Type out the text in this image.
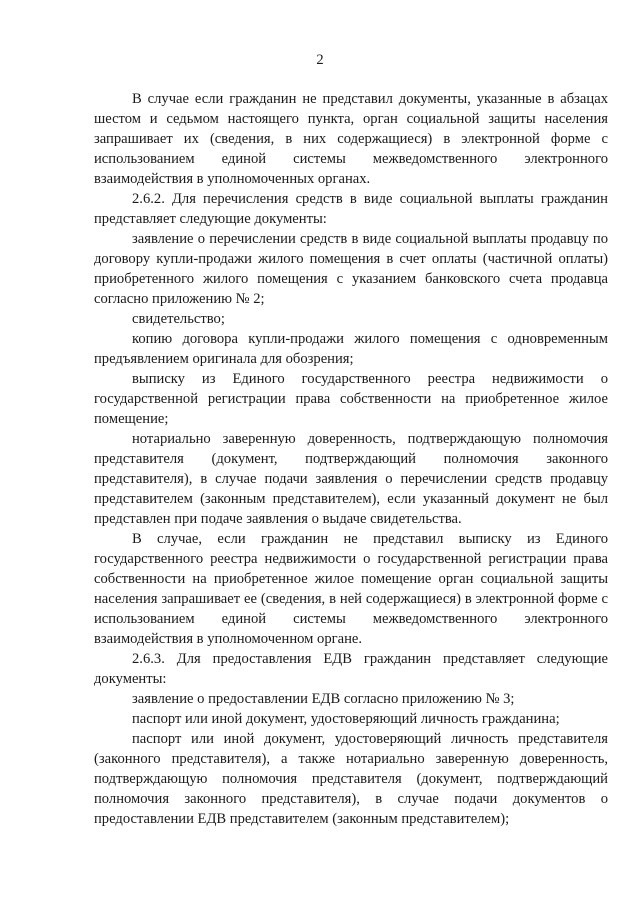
2

В случае если гражданин не представил документы, указанные в абзацах шестом и седьмом настоящего пункта, орган социальной защиты населения запрашивает их (сведения, в них содержащиеся) в электронной форме с использованием единой системы межведомственного электронного взаимодействия в уполномоченных органах.

2.6.2. Для перечисления средств в виде социальной выплаты гражданин представляет следующие документы:

заявление о перечислении средств в виде социальной выплаты продавцу по договору купли-продажи жилого помещения в счет оплаты (частичной оплаты) приобретенного жилого помещения с указанием банковского счета продавца согласно приложению № 2;

свидетельство;

копию договора купли-продажи жилого помещения с одновременным предъявлением оригинала для обозрения;

выписку из Единого государственного реестра недвижимости о государственной регистрации права собственности на приобретенное жилое помещение;

нотариально заверенную доверенность, подтверждающую полномочия представителя (документ, подтверждающий полномочия законного представителя), в случае подачи заявления о перечислении средств продавцу представителем (законным представителем), если указанный документ не был представлен при подаче заявления о выдаче свидетельства.

В случае, если гражданин не представил выписку из Единого государственного реестра недвижимости о государственной регистрации права собственности на приобретенное жилое помещение орган социальной защиты населения запрашивает ее (сведения, в ней содержащиеся) в электронной форме с использованием единой системы межведомственного электронного взаимодействия в уполномоченном органе.

2.6.3. Для предоставления ЕДВ гражданин представляет следующие документы:

заявление о предоставлении ЕДВ согласно приложению № 3;

паспорт или иной документ, удостоверяющий личность гражданина;

паспорт или иной документ, удостоверяющий личность представителя (законного представителя), а также нотариально заверенную доверенность, подтверждающую полномочия представителя (документ, подтверждающий полномочия законного представителя), в случае подачи документов о предоставлении ЕДВ представителем (законным представителем);
